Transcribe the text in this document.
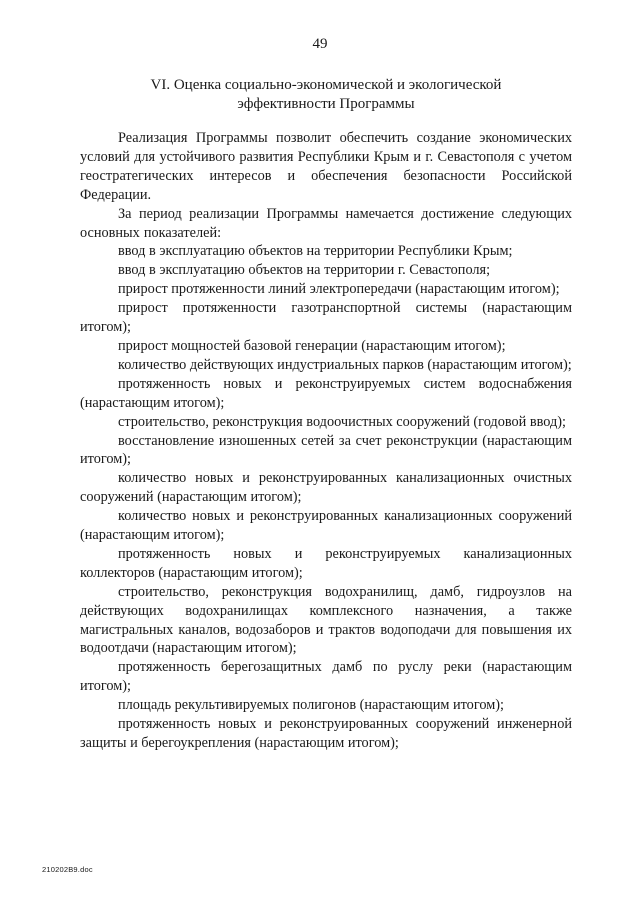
49
VI. Оценка социально-экономической и экологической
эффективности Программы

Реализация Программы позволит обеспечить создание экономических условий для устойчивого развития Республики Крым и г. Севастополя с учетом геостратегических интересов и обеспечения безопасности Российской Федерации.

За период реализации Программы намечается достижение следующих основных показателей:

ввод в эксплуатацию объектов на территории Республики Крым;

ввод в эксплуатацию объектов на территории г. Севастополя;

прирост протяженности линий электропередачи (нарастающим итогом);

прирост протяженности газотранспортной системы (нарастающим итогом);

прирост мощностей базовой генерации (нарастающим итогом);

количество действующих индустриальных парков (нарастающим итогом);

протяженность новых и реконструируемых систем водоснабжения (нарастающим итогом);

строительство, реконструкция водоочистных сооружений (годовой ввод);

восстановление изношенных сетей за счет реконструкции (нарастающим итогом);

количество новых и реконструированных канализационных очистных сооружений (нарастающим итогом);

количество новых и реконструированных канализационных сооружений (нарастающим итогом);

протяженность новых и реконструируемых канализационных коллекторов (нарастающим итогом);

строительство, реконструкция водохранилищ, дамб, гидроузлов на действующих водохранилищах комплексного назначения, а также магистральных каналов, водозаборов и трактов водоподачи для повышения их водоотдачи (нарастающим итогом);

протяженность берегозащитных дамб по руслу реки (нарастающим итогом);

площадь рекультивируемых полигонов (нарастающим итогом);

протяженность новых и реконструированных сооружений инженерной защиты и берегоукрепления (нарастающим итогом);

210202В9.doc
